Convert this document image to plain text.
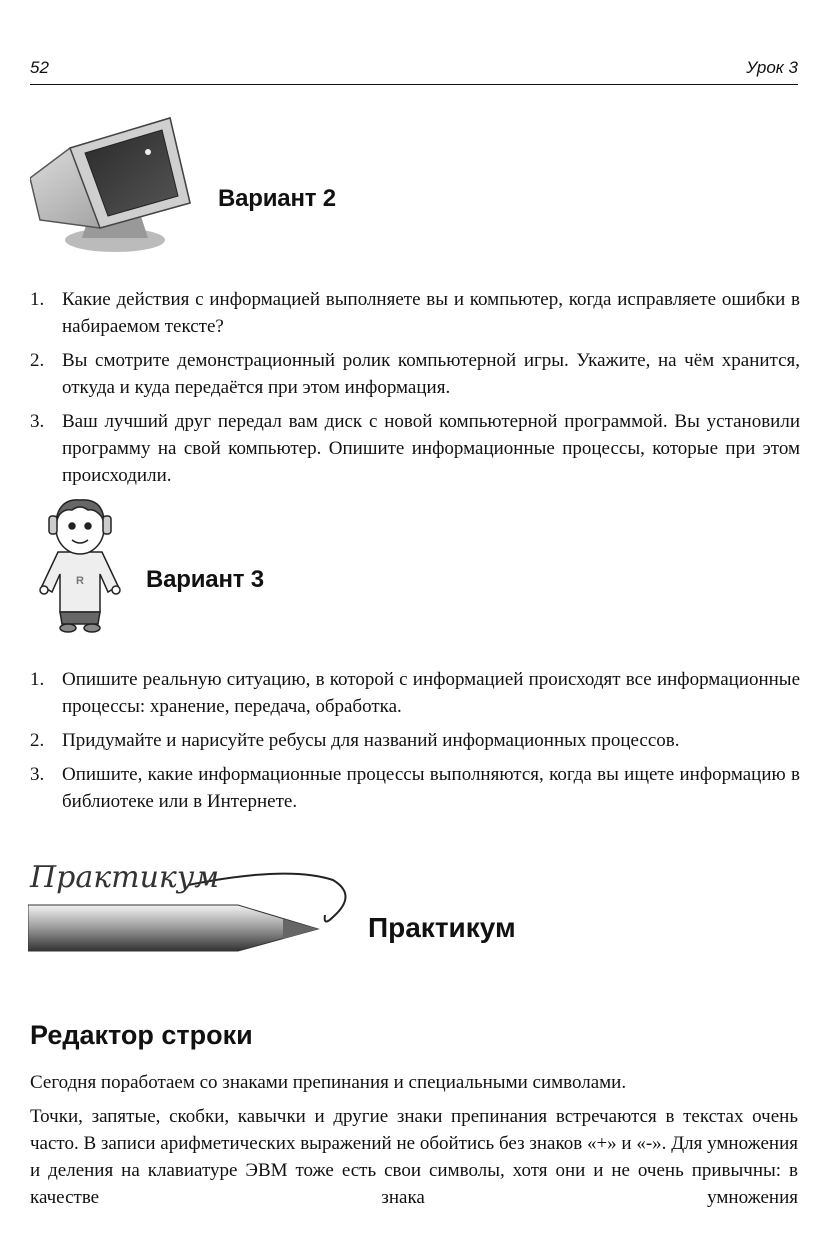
52	Урок 3
Вариант 2
1. Какие действия с информацией выполняете вы и компьютер, когда исправляете ошибки в набираемом тексте?
2. Вы смотрите демонстрационный ролик компьютерной игры. Укажите, на чём хранится, откуда и куда передаётся при этом информация.
3. Ваш лучший друг передал вам диск с новой компьютерной программой. Вы установили программу на свой компьютер. Опишите информационные процессы, которые при этом происходили.
R	Вариант 3
1. Опишите реальную ситуацию, в которой с информацией происходят все информационные процессы: хранение, передача, обработка.
2. Придумайте и нарисуйте ребусы для названий информационных процессов.
3. Опишите, какие информационные процессы выполняются, когда вы ищете информацию в библиотеке или в Интернете.
Практикум
Практикум
Редактор строки

Сегодня поработаем со знаками препинания и специальными символами.

Точки, запятые, скобки, кавычки и другие знаки препинания встречаются в текстах очень часто. В записи арифметических выражений не обойтись без знаков «+» и «-». Для умножения и деления на клавиатуре ЭВМ тоже есть свои символы, хотя они и не очень привычны: в качестве знака умножения
